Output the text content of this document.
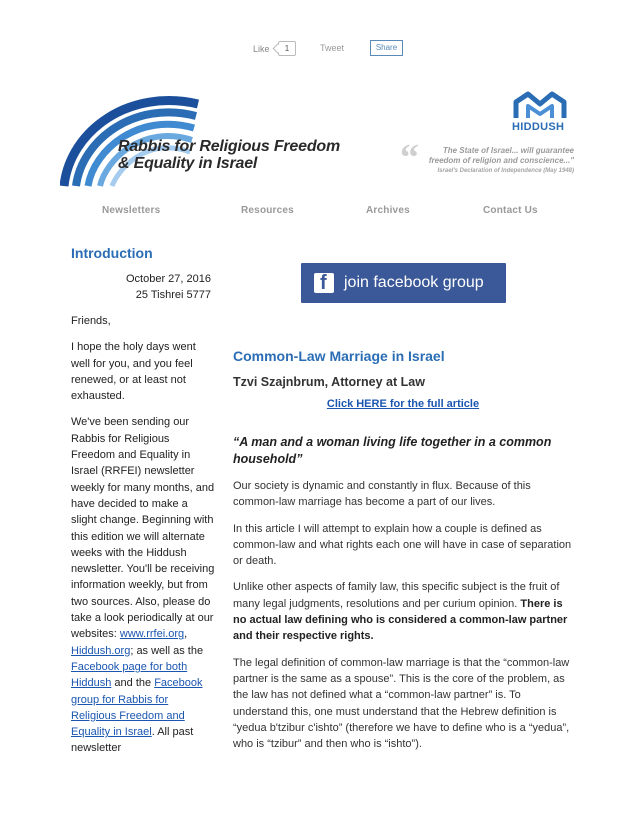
Like	1	Tweet	Share
Rabbis for Religious Freedom
& Equality in Israel
HIDDUSH
“	The State of Israel... will guarantee
freedom of religion and conscience..."
Israel's Declaration of Independence (May 1948)
Newsletters	Resources	Archives	Contact Us
Introduction
October 27, 2016
25 Tishrei 5777

Friends,

I hope the holy days went well for you, and you feel renewed, or at least not exhausted.

We've been sending our Rabbis for Religious Freedom and Equality in Israel (RRFEI) newsletter weekly for many months, and have decided to make a slight change. Beginning with this edition we will alternate weeks with the Hiddush newsletter. You'll be receiving information weekly, but from two sources. Also, please do take a look periodically at our websites: www.rrfei.org, Hiddush.org; as well as the Facebook page for both Hiddush and the Facebook group for Rabbis for Religious Freedom and Equality in Israel. All past newsletter

f join facebook group
Common-Law Marriage in Israel
Tzvi Szajnbrum, Attorney at Law
Click HERE for the full article
“A man and a woman living life together in a common household”

Our society is dynamic and constantly in flux. Because of this common-law marriage has become a part of our lives.

In this article I will attempt to explain how a couple is defined as common-law and what rights each one will have in case of separation or death.

Unlike other aspects of family law, this specific subject is the fruit of many legal judgments, resolutions and per curium opinion. There is no actual law defining who is considered a common-law partner and their respective rights.

The legal definition of common-law marriage is that the “common-law partner is the same as a spouse”. This is the core of the problem, as the law has not defined what a “common-law partner” is. To understand this, one must understand that the Hebrew definition is “yedua b'tzibur c'ishto” (therefore we have to define who is a “yedua”, who is “tzibur” and then who is “ishto”).
